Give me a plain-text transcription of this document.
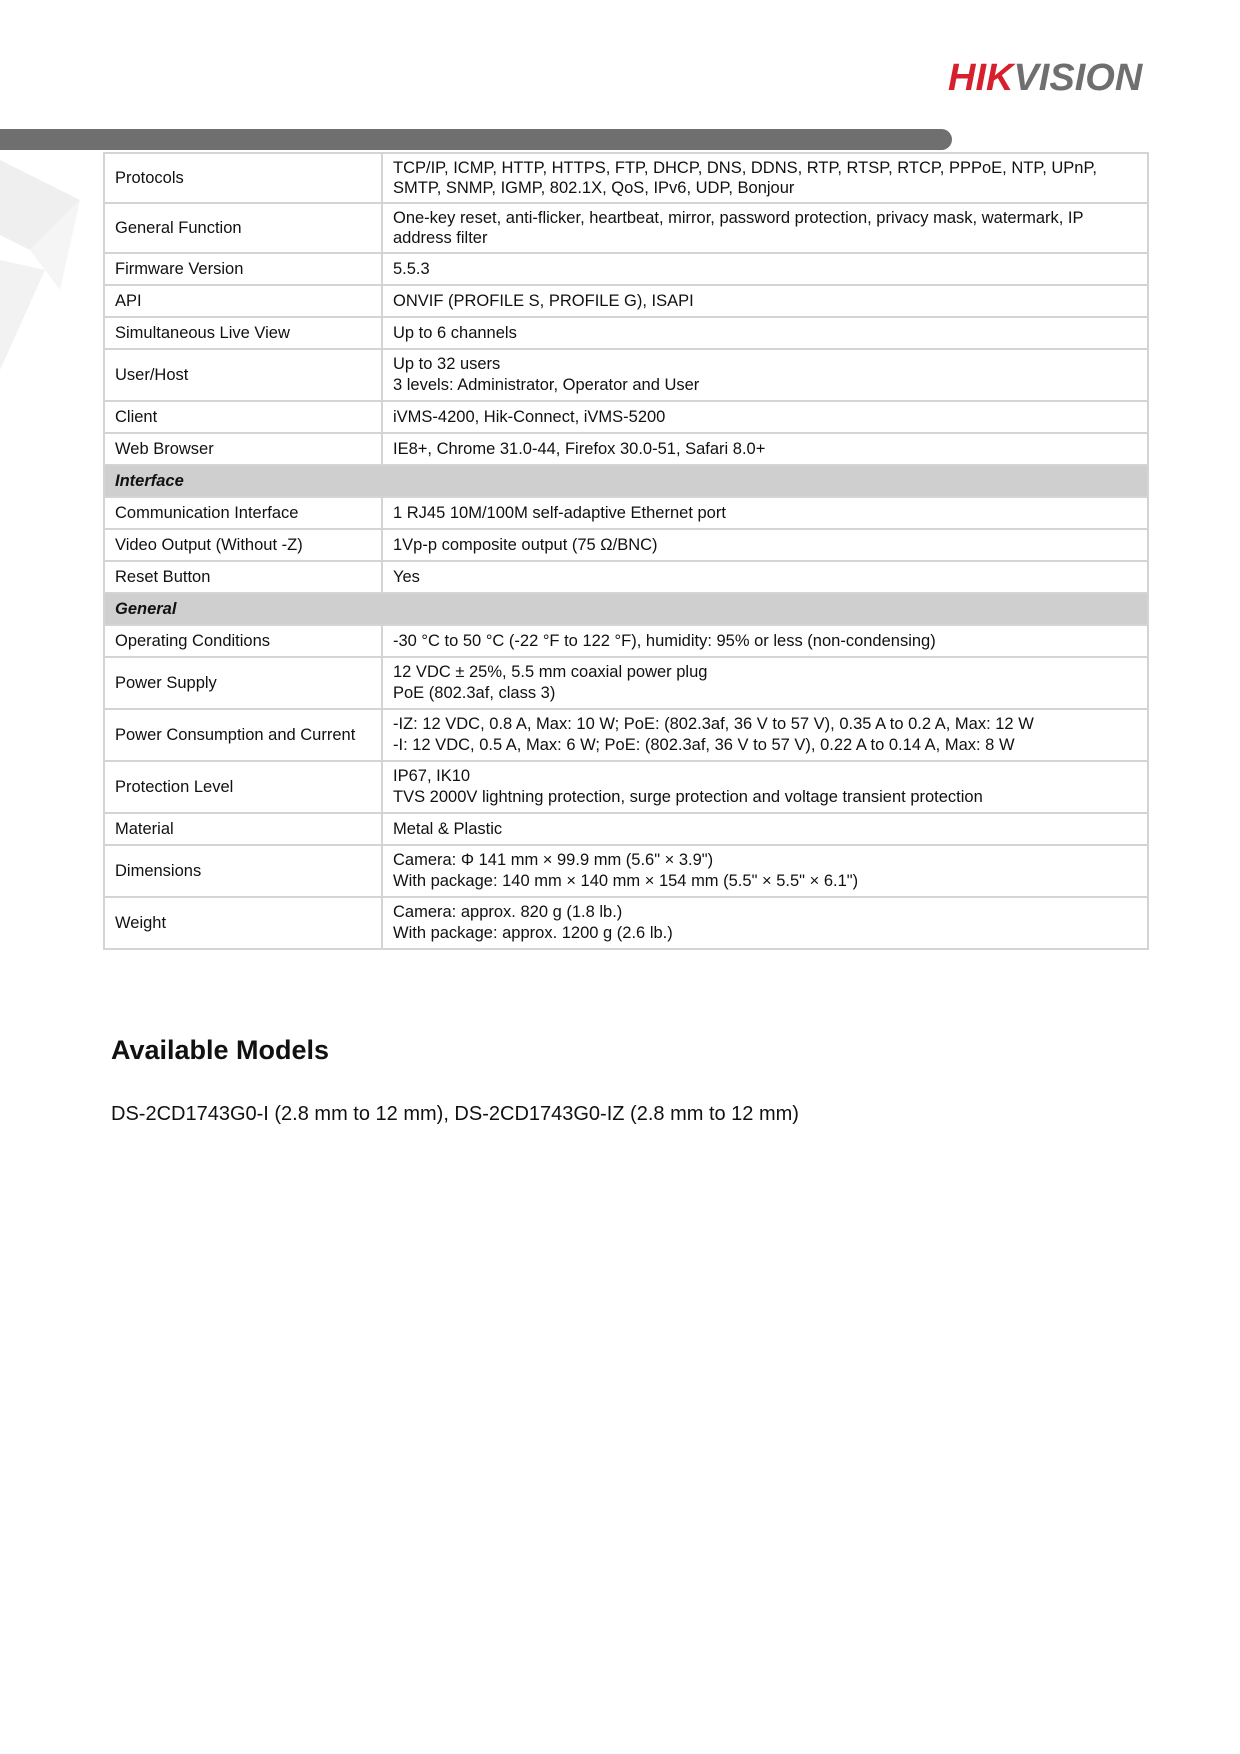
HIKVISION
Protocols	TCP/IP, ICMP, HTTP, HTTPS, FTP, DHCP, DNS, DDNS, RTP, RTSP, RTCP, PPPoE, NTP, UPnP, SMTP, SNMP, IGMP, 802.1X, QoS, IPv6, UDP, Bonjour

General Function	One-key reset, anti-flicker, heartbeat, mirror, password protection, privacy mask, watermark, IP address filter

Firmware Version	5.5.3

API	ONVIF (PROFILE S, PROFILE G), ISAPI

Simultaneous Live View	Up to 6 channels

User/Host	Up to 32 users
3 levels: Administrator, Operator and User

Client	iVMS-4200, Hik-Connect, iVMS-5200

Web Browser	IE8+, Chrome 31.0-44, Firefox 30.0-51, Safari 8.0+

Interface	
Communication Interface	1 RJ45 10M/100M self-adaptive Ethernet port

Video Output (Without -Z)	1Vp-p composite output (75 Ω/BNC)

Reset Button	Yes

General	
Operating Conditions	-30 °C to 50 °C (-22 °F to 122 °F), humidity: 95% or less (non-condensing)

Power Supply	12 VDC ± 25%, 5.5 mm coaxial power plug
PoE (802.3af, class 3)

Power Consumption and Current	-IZ: 12 VDC, 0.8 A, Max: 10 W; PoE: (802.3af, 36 V to 57 V), 0.35 A to 0.2 A, Max: 12 W
-I: 12 VDC, 0.5 A, Max: 6 W; PoE: (802.3af, 36 V to 57 V), 0.22 A to 0.14 A, Max: 8 W

Protection Level	IP67, IK10
TVS 2000V lightning protection, surge protection and voltage transient protection

Material	Metal & Plastic

Dimensions	Camera: Φ 141 mm × 99.9 mm (5.6" × 3.9")
With package: 140 mm × 140 mm × 154 mm (5.5" × 5.5" × 6.1")

Weight	Camera: approx. 820 g (1.8 lb.)
With package: approx. 1200 g (2.6 lb.)
Available Models

DS-2CD1743G0-I (2.8 mm to 12 mm), DS-2CD1743G0-IZ (2.8 mm to 12 mm)
